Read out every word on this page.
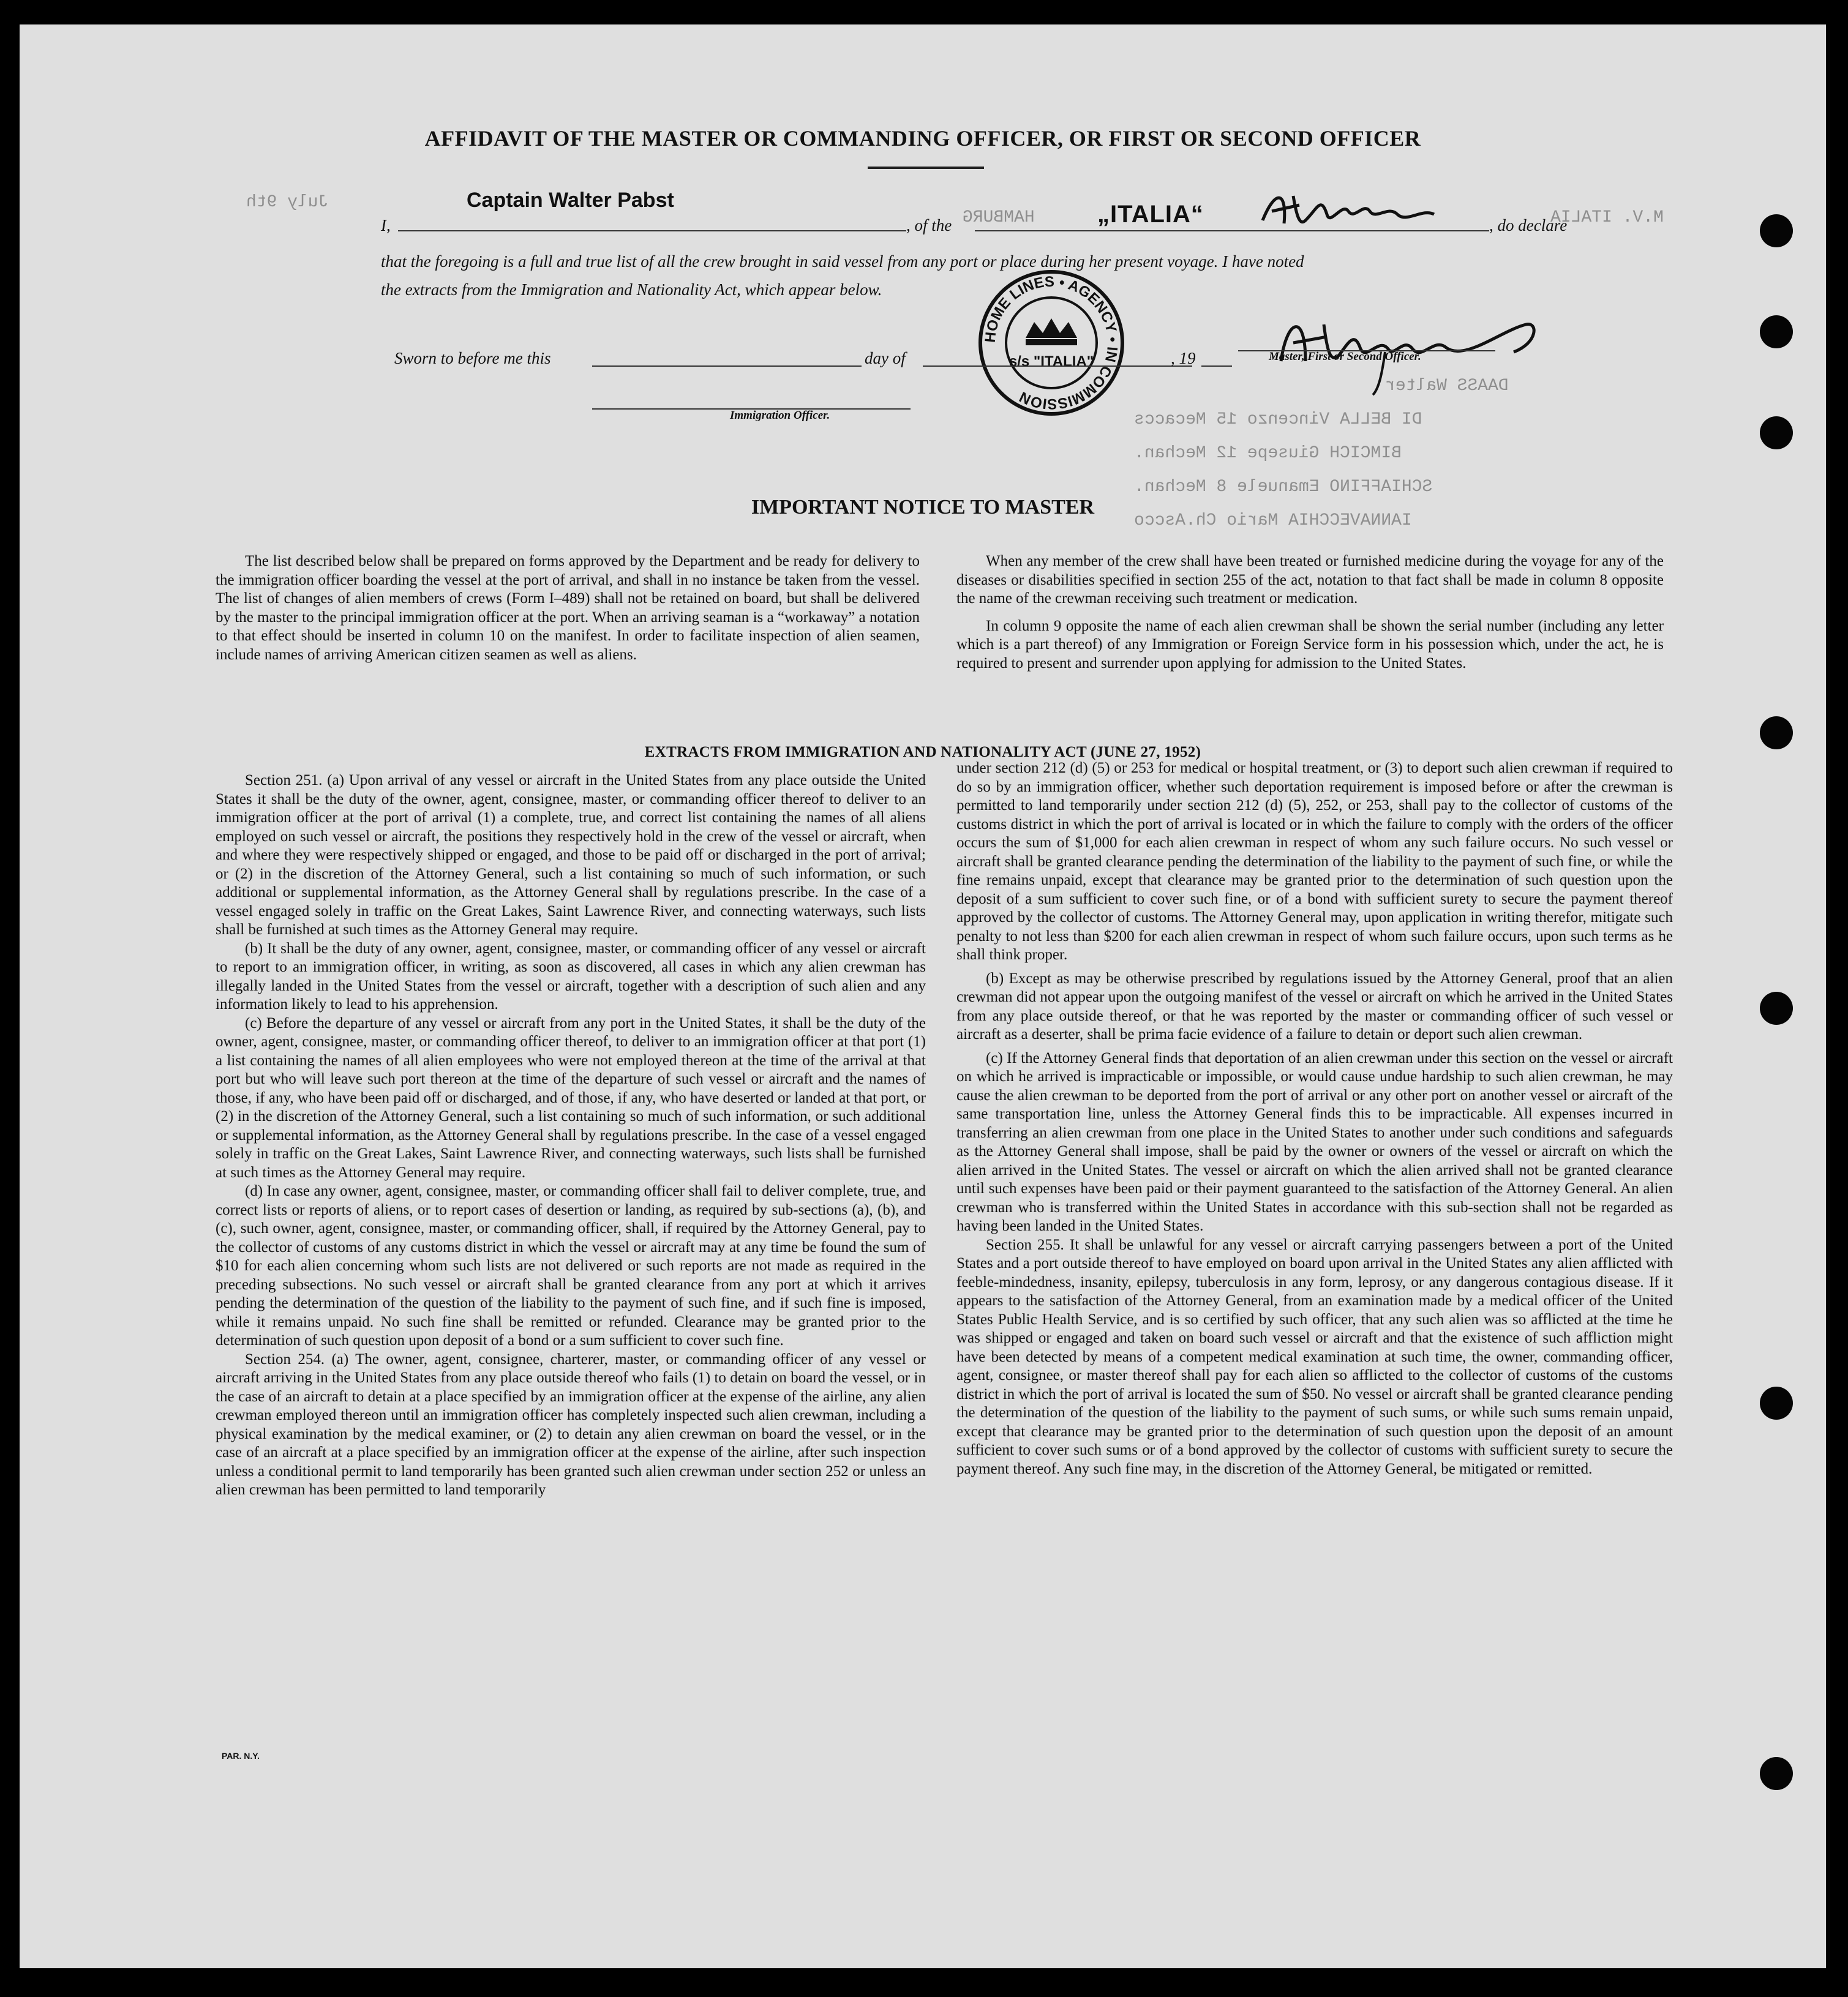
July 9th
HAMBURG	M.V. ITALIA
DAASS Walter
DI BELLA Vincenzo 15 Mecaccs
BIMCICH Giusepe 12 Mechan.
SCHIAFFINO Emanuele 8 Mechan.
IANNAVECCHIA Mario Ch.Ascco
AFFIDAVIT OF THE MASTER OR COMMANDING OFFICER, OR FIRST OR SECOND OFFICER
I,
Captain Walter Pabst
, of the	„ITALIA“	, do declare
that the foregoing is a full and true list of all the crew brought in said vessel from any port or place during her present voyage. I have noted
the extracts from the Immigration and Nationality Act, which appear below.
HOME LINES • AGENCY • IN COMMISSION
s/s "ITALIA"	Master, First or Second Officer.
Sworn to before me this	day of	, 19
Immigration Officer.
IMPORTANT NOTICE TO MASTER

The list described below shall be prepared on forms approved by the Department and be ready for delivery to the immigration officer boarding the vessel at the port of arrival, and shall in no instance be taken from the vessel. The list of changes of alien members of crews (Form I–489) shall not be retained on board, but shall be delivered by the master to the principal immigration officer at the port. When an arriving seaman is a “workaway” a notation to that effect should be inserted in column 10 on the manifest. In order to facilitate inspection of alien seamen, include names of arriving American citizen seamen as well as aliens.

When any member of the crew shall have been treated or furnished medicine during the voyage for any of the diseases or disabilities specified in section 255 of the act, notation to that fact shall be made in column 8 opposite the name of the crewman receiving such treatment or medication.

In column 9 opposite the name of each alien crewman shall be shown the serial number (including any letter which is a part thereof) of any Immigration or Foreign Service form in his possession which, under the act, he is required to present and surrender upon applying for admission to the United States.

EXTRACTS FROM IMMIGRATION AND NATIONALITY ACT (JUNE 27, 1952)

Section 251. (a) Upon arrival of any vessel or aircraft in the United States from any place outside the United States it shall be the duty of the owner, agent, consignee, master, or commanding officer thereof to deliver to an immigration officer at the port of arrival (1) a complete, true, and correct list containing the names of all aliens employed on such vessel or aircraft, the positions they respectively hold in the crew of the vessel or aircraft, when and where they were respectively shipped or engaged, and those to be paid off or discharged in the port of arrival; or (2) in the discretion of the Attorney General, such a list containing so much of such information, or such additional or supplemental information, as the Attorney General shall by regulations prescribe. In the case of a vessel engaged solely in traffic on the Great Lakes, Saint Lawrence River, and connecting waterways, such lists shall be furnished at such times as the Attorney General may require.

(b) It shall be the duty of any owner, agent, consignee, master, or commanding officer of any vessel or aircraft to report to an immigration officer, in writing, as soon as discovered, all cases in which any alien crewman has illegally landed in the United States from the vessel or aircraft, together with a description of such alien and any information likely to lead to his apprehension.

(c) Before the departure of any vessel or aircraft from any port in the United States, it shall be the duty of the owner, agent, consignee, master, or commanding officer thereof, to deliver to an immigration officer at that port (1) a list containing the names of all alien employees who were not employed thereon at the time of the arrival at that port but who will leave such port thereon at the time of the departure of such vessel or aircraft and the names of those, if any, who have been paid off or discharged, and of those, if any, who have deserted or landed at that port, or (2) in the discretion of the Attorney General, such a list containing so much of such information, or such additional or supplemental information, as the Attorney General shall by regulations prescribe. In the case of a vessel engaged solely in traffic on the Great Lakes, Saint Lawrence River, and connecting waterways, such lists shall be furnished at such times as the Attorney General may require.

(d) In case any owner, agent, consignee, master, or commanding officer shall fail to deliver complete, true, and correct lists or reports of aliens, or to report cases of desertion or landing, as required by sub-sections (a), (b), and (c), such owner, agent, consignee, master, or commanding officer, shall, if required by the Attorney General, pay to the collector of customs of any customs district in which the vessel or aircraft may at any time be found the sum of $10 for each alien concerning whom such lists are not delivered or such reports are not made as required in the preceding subsections. No such vessel or aircraft shall be granted clearance from any port at which it arrives pending the determination of the question of the liability to the payment of such fine, and if such fine is imposed, while it remains unpaid. No such fine shall be remitted or refunded. Clearance may be granted prior to the determination of such question upon deposit of a bond or a sum sufficient to cover such fine.

Section 254. (a) The owner, agent, consignee, charterer, master, or commanding officer of any vessel or aircraft arriving in the United States from any place outside thereof who fails (1) to detain on board the vessel, or in the case of an aircraft to detain at a place specified by an immigration officer at the expense of the airline, any alien crewman employed thereon until an immigration officer has completely inspected such alien crewman, including a physical examination by the medical examiner, or (2) to detain any alien crewman on board the vessel, or in the case of an aircraft at a place specified by an immigration officer at the expense of the airline, after such inspection unless a conditional permit to land temporarily has been granted such alien crewman under section 252 or unless an alien crewman has been permitted to land temporarily

under section 212 (d) (5) or 253 for medical or hospital treatment, or (3) to deport such alien crewman if required to do so by an immigration officer, whether such deportation requirement is imposed before or after the crewman is permitted to land temporarily under section 212 (d) (5), 252, or 253, shall pay to the collector of customs of the customs district in which the port of arrival is located or in which the failure to comply with the orders of the officer occurs the sum of $1,000 for each alien crewman in respect of whom any such failure occurs. No such vessel or aircraft shall be granted clearance pending the determination of the liability to the payment of such fine, or while the fine remains unpaid, except that clearance may be granted prior to the determination of such question upon the deposit of a sum sufficient to cover such fine, or of a bond with sufficient surety to secure the payment thereof approved by the collector of customs. The Attorney General may, upon application in writing therefor, mitigate such penalty to not less than $200 for each alien crewman in respect of whom such failure occurs, upon such terms as he shall think proper.

(b) Except as may be otherwise prescribed by regulations issued by the Attorney General, proof that an alien crewman did not appear upon the outgoing manifest of the vessel or aircraft on which he arrived in the United States from any place outside thereof, or that he was reported by the master or commanding officer of such vessel or aircraft as a deserter, shall be prima facie evidence of a failure to detain or deport such alien crewman.

(c) If the Attorney General finds that deportation of an alien crewman under this section on the vessel or aircraft on which he arrived is impracticable or impossible, or would cause undue hardship to such alien crewman, he may cause the alien crewman to be deported from the port of arrival or any other port on another vessel or aircraft of the same transportation line, unless the Attorney General finds this to be impracticable. All expenses incurred in transferring an alien crewman from one place in the United States to another under such conditions and safeguards as the Attorney General shall impose, shall be paid by the owner or owners of the vessel or aircraft on which the alien arrived in the United States. The vessel or aircraft on which the alien arrived shall not be granted clearance until such expenses have been paid or their payment guaranteed to the satisfaction of the Attorney General. An alien crewman who is transferred within the United States in accordance with this sub-section shall not be regarded as having been landed in the United States.

Section 255. It shall be unlawful for any vessel or aircraft carrying passengers between a port of the United States and a port outside thereof to have employed on board upon arrival in the United States any alien afflicted with feeble-mindedness, insanity, epilepsy, tuberculosis in any form, leprosy, or any dangerous contagious disease. If it appears to the satisfaction of the Attorney General, from an examination made by a medical officer of the United States Public Health Service, and is so certified by such officer, that any such alien was so afflicted at the time he was shipped or engaged and taken on board such vessel or aircraft and that the existence of such affliction might have been detected by means of a competent medical examination at such time, the owner, commanding officer, agent, consignee, or master thereof shall pay for each alien so afflicted to the collector of customs of the customs district in which the port of arrival is located the sum of $50. No vessel or aircraft shall be granted clearance pending the determination of the question of the liability to the payment of such sums, or while such sums remain unpaid, except that clearance may be granted prior to the determination of such question upon the deposit of an amount sufficient to cover such sums or of a bond approved by the collector of customs with sufficient surety to secure the payment thereof. Any such fine may, in the discretion of the Attorney General, be mitigated or remitted.

PAR. N.Y.
